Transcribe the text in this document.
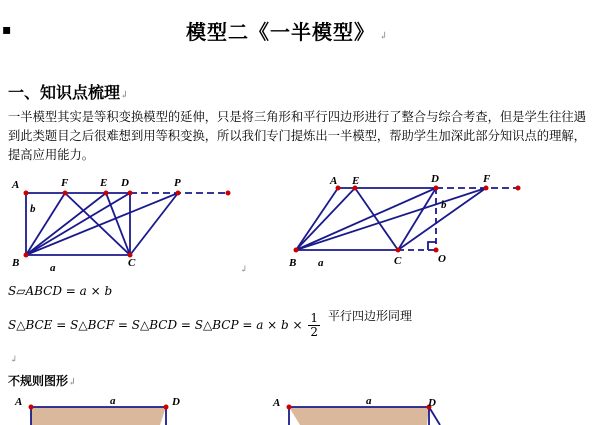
▪	模型二《一半模型》 ↲
一、知识点梳理↲
一半模型其实是等积变换模型的延伸，只是将三角形和平行四边形进行了整合与综合考查，但是学生往往遇到此类题目之后很难想到用等积变换，所以我们专门提炼出一半模型，帮助学生加深此部分知识点的理解，提高应用能力。
A	F	E D	P
B	C
a
b
A E	D	F
B	C	O
a
b
A	D
a	A	D
a
↲
↲
S▱ABCD = a × b
S△BCE = S△BCF = S△BCD = S△BCP = $a \times b \times \frac{1}{2}$ 平行四边形同理
不规则图形↲
